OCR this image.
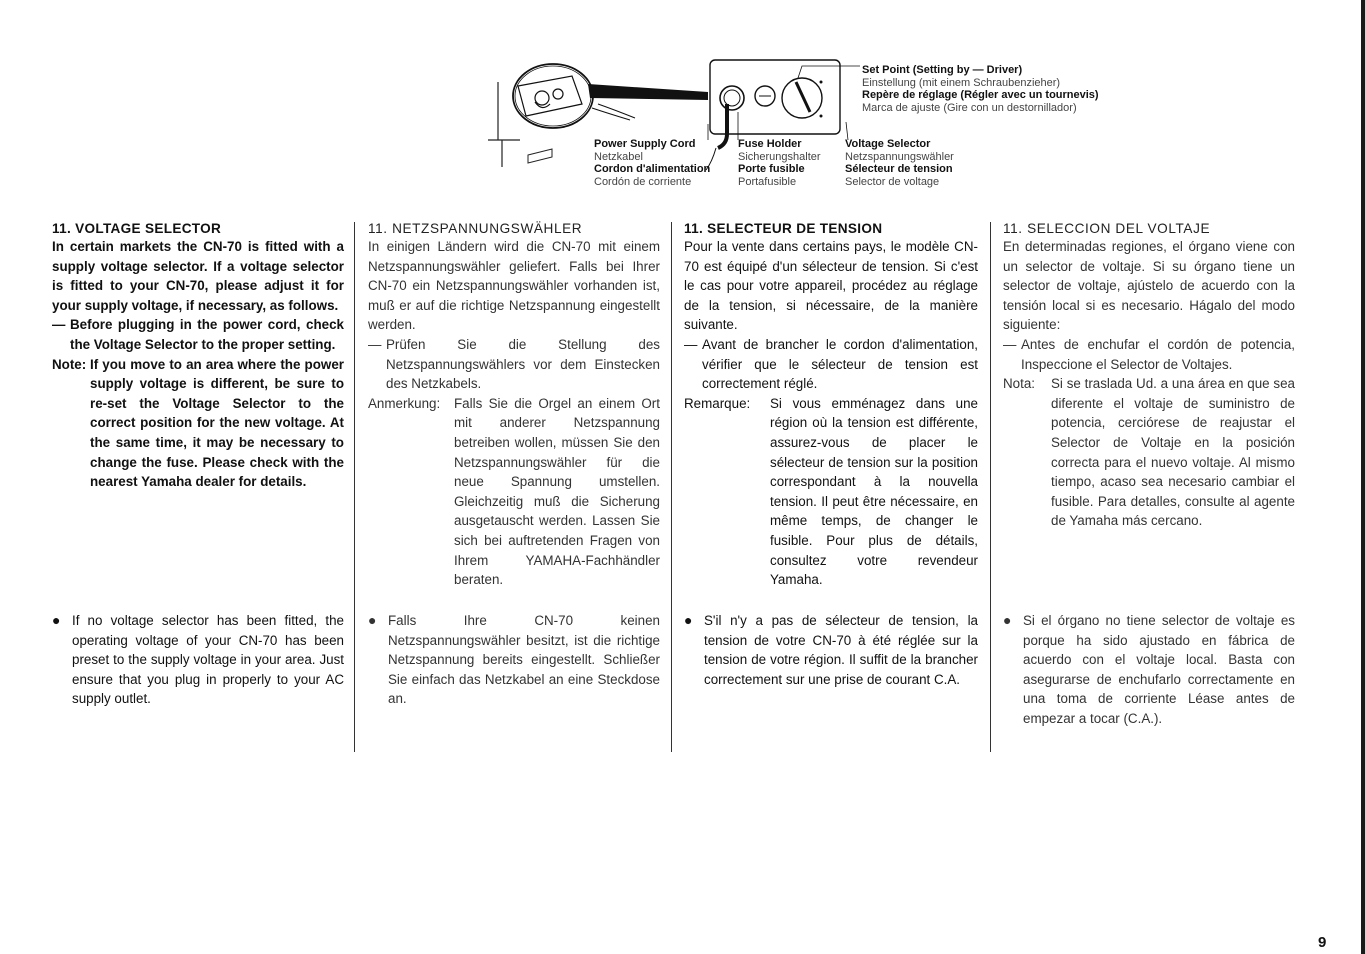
Set Point (Setting by — Driver)
Einstellung (mit einem Schraubenzieher)
Repère de réglage (Régler avec un tournevis)
Marca de ajuste (Gire con un destornillador)
Power Supply Cord
Netzkabel
Cordon d'alimentation
Cordón de corriente
Fuse Holder
Sicherungshalter
Porte fusible
Portafusible
Voltage Selector
Netzspannungswähler
Sélecteur de tension
Selector de voltage
11. VOLTAGE SELECTOR

In certain markets the CN-70 is fitted with a supply voltage selector. If a voltage selector is fitted to your CN-70, please adjust it for your supply voltage, if necessary, as follows.

— Before plugging in the power cord, check the Voltage Selector to the proper setting.
Note: If you move to an area where the power supply voltage is different, be sure to re-set the Voltage Selector to the correct position for the new voltage. At the same time, it may be necessary to change the fuse. Please check with the nearest Yamaha dealer for details.
● If no voltage selector has been fitted, the operating voltage of your CN-70 has been preset to the supply voltage in your area. Just ensure that you plug in properly to your AC supply outlet.
11. NETZSPANNUNGSWÄHLER

In einigen Ländern wird die CN-70 mit einem Netzspannungswähler geliefert. Falls bei Ihrer CN-70 ein Netzspannungswähler vorhanden ist, muß er auf die richtige Netzspannung eingestellt werden.

— Prüfen Sie die Stellung des Netzspannungswählers vor dem Einstecken des Netzkabels.
Anmerkung:	Falls Sie die Orgel an einem Ort mit anderer Netzspannung betreiben wollen, müssen Sie den Netzspannungswähler für die neue Spannung umstellen. Gleichzeitig muß die Sicherung ausgetauscht werden. Lassen Sie sich bei auftretenden Fragen von Ihrem YAMAHA-Fachhändler beraten.
● Falls Ihre CN-70 keinen Netzspannungswähler besitzt, ist die richtige Netzspannung bereits eingestellt. Schließer Sie einfach das Netzkabel an eine Steckdose an.
11. SELECTEUR DE TENSION

Pour la vente dans certains pays, le modèle CN-70 est équipé d'un sélecteur de tension. Si c'est le cas pour votre appareil, procédez au réglage de la tension, si nécessaire, de la manière suivante.

— Avant de brancher le cordon d'alimentation, vérifier que le sélecteur de tension est correctement réglé.
Remarque:	Si vous emménagez dans une région où la tension est différente, assurez-vous de placer le sélecteur de tension sur la position correspondant à la nouvella tension. Il peut être nécessaire, en même temps, de changer le fusible. Pour plus de détails, consultez votre revendeur Yamaha.
● S'il n'y a pas de sélecteur de tension, la tension de votre CN-70 à été réglée sur la tension de votre région. Il suffit de la brancher correctement sur une prise de courant C.A.
11. SELECCION DEL VOLTAJE

En determinadas regiones, el órgano viene con un selector de voltaje. Si su órgano tiene un selector de voltaje, ajústelo de acuerdo con la tensión local si es necesario. Hágalo del modo siguiente:

— Antes de enchufar el cordón de potencia, Inspeccione el Selector de Voltajes.
Nota:	Si se traslada Ud. a una área en que sea diferente el voltaje de suministro de potencia, cerciórese de reajustar el Selector de Voltaje en la posición correcta para el nuevo voltaje. Al mismo tiempo, acaso sea necesario cambiar el fusible. Para detalles, consulte al agente de Yamaha más cercano.
● Si el órgano no tiene selector de voltaje es porque ha sido ajustado en fábrica de acuerdo con el voltaje local. Basta con asegurarse de enchufarlo correctamente en una toma de corriente Léase antes de empezar a tocar (C.A.).
9
